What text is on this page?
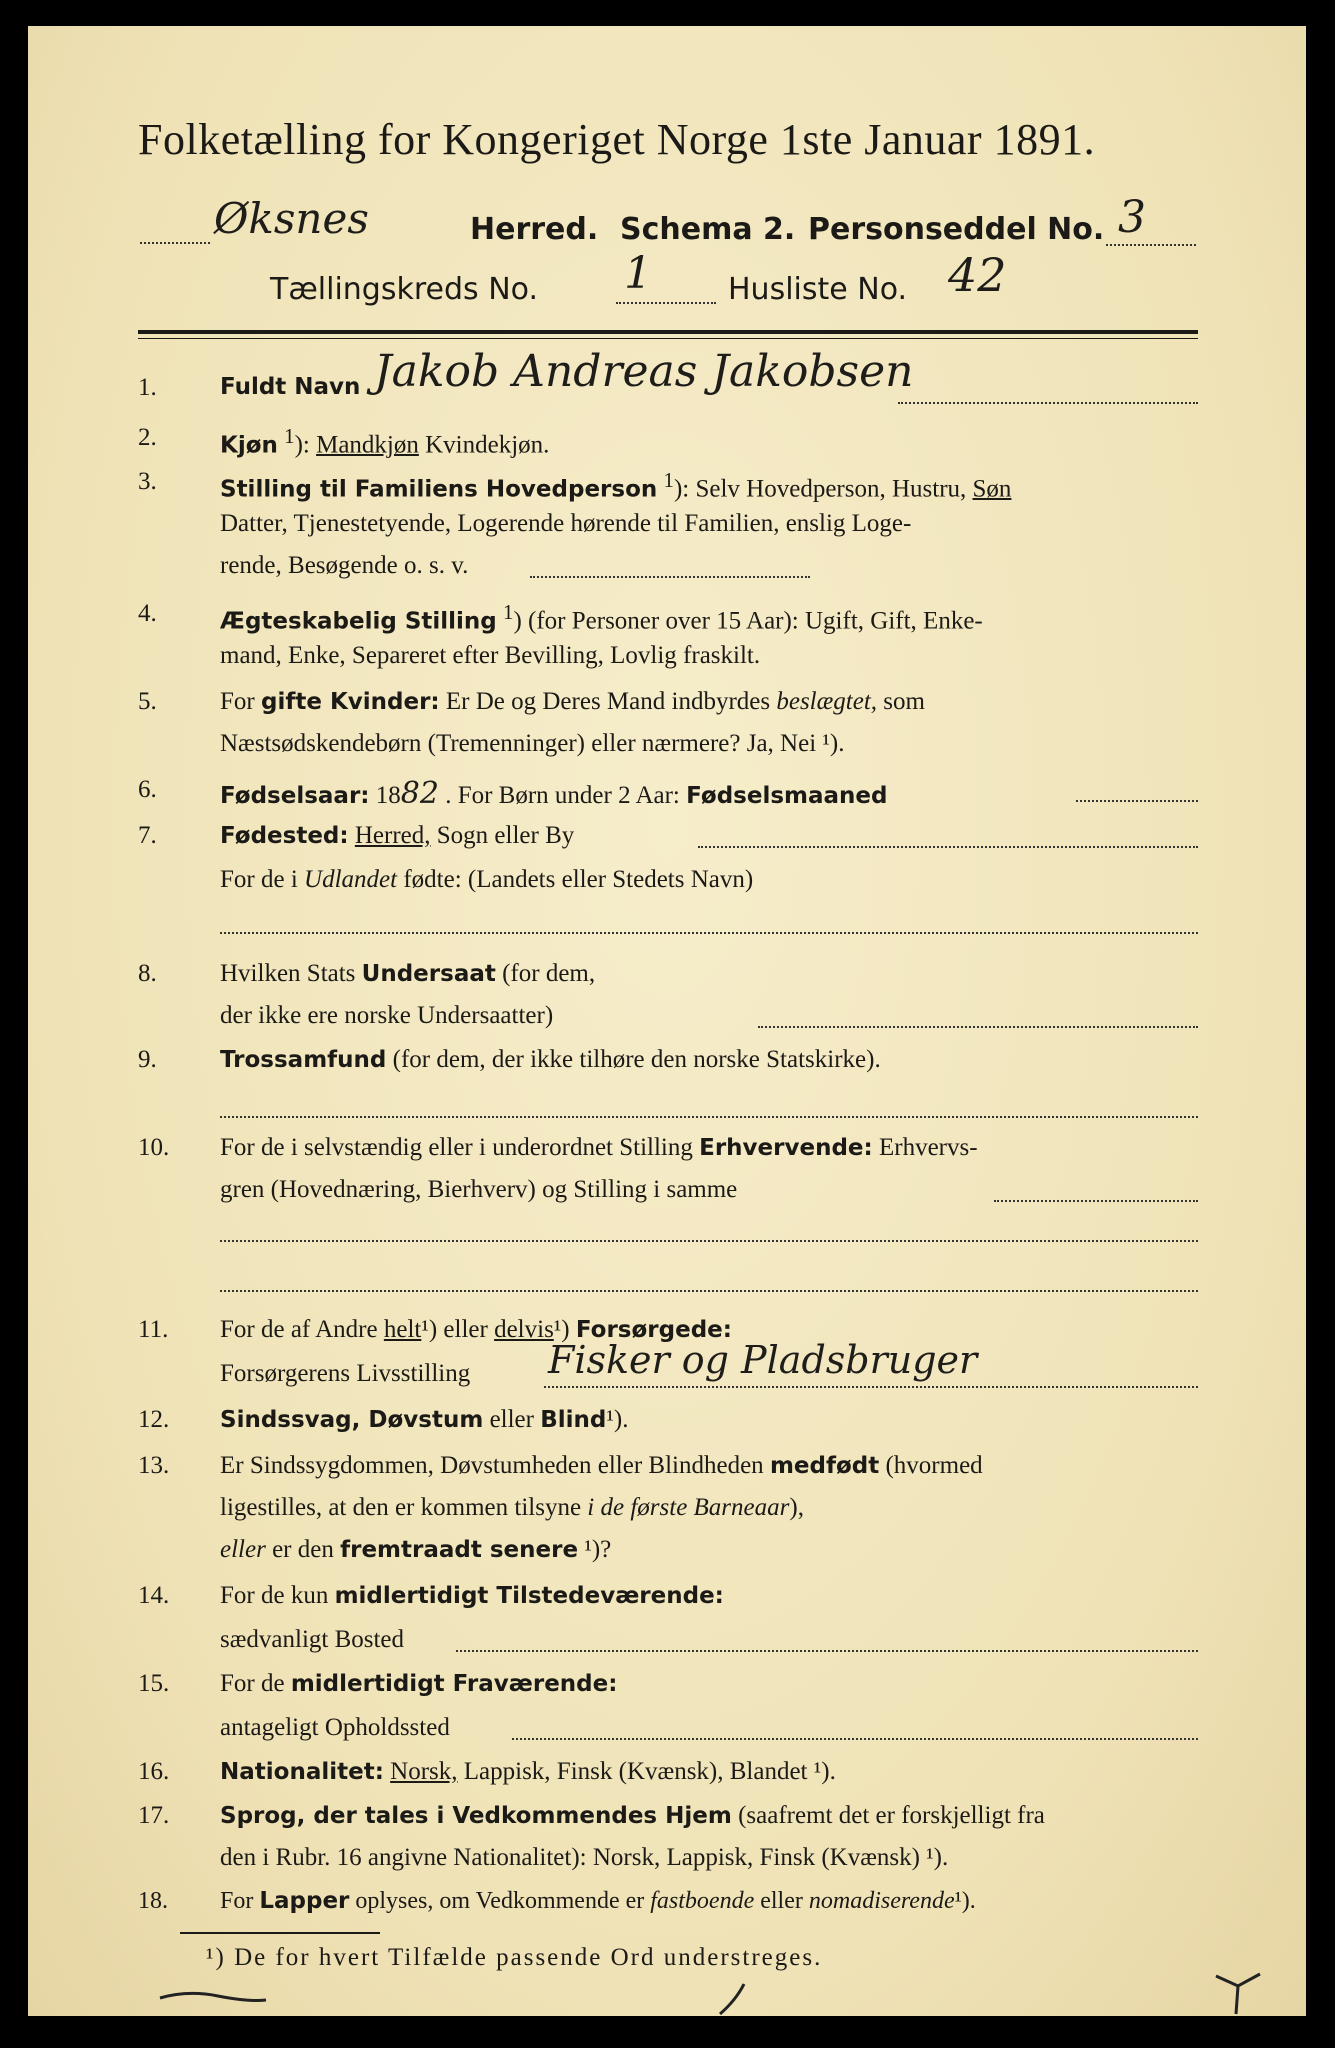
Folketælling for Kongeriget Norge 1ste Januar 1891.
Øksnes	Herred. Schema 2. Personseddel No. 3
Tællingskreds No. 1	Husliste No. 42
1.	Fuldt Navn Jakob Andreas Jakobsen
2.	Kjøn $^1$): Mandkjøn Kvindekjøn.
3.	Stilling til Familiens Hovedperson $^1$): Selv Hovedperson, Hustru, Søn
Datter, Tjenestetyende, Logerende hørende til Familien, enslig Loge-
rende, Besøgende o. s. v.
4.	Ægteskabelig Stilling $^1$) (for Personer over 15 Aar): Ugift, Gift, Enke-
mand, Enke, Separeret efter Bevilling, Lovlig fraskilt.
5.	For gifte Kvinder: Er De og Deres Mand indbyrdes beslægtet, som
Næstsødskendebørn (Tremenninger) eller nærmere? Ja, Nei ¹).
6.	Fødselsaar: 1882 . For Børn under 2 Aar: Fødselsmaaned
7.	Fødested: Herred, Sogn eller By
For de i Udlandet fødte: (Landets eller Stedets Navn)
8.	Hvilken Stats Undersaat (for dem,
der ikke ere norske Undersaatter)
9.	Trossamfund (for dem, der ikke tilhøre den norske Statskirke).
10.	For de i selvstændig eller i underordnet Stilling Erhvervende: Erhvervs-
gren (Hovednæring, Bierhverv) og Stilling i samme
11.	For de af Andre helt¹) eller delvis¹) Forsørgede:
Forsørgerens Livsstilling Fisker og Pladsbruger
12.	Sindssvag, Døvstum eller Blind¹).
13.	Er Sindssygdommen, Døvstumheden eller Blindheden medfødt (hvormed
ligestilles, at den er kommen tilsyne i de første Barneaar),
eller er den fremtraadt senere ¹)?
14.	For de kun midlertidigt Tilstedeværende:
sædvanligt Bosted
15.	For de midlertidigt Fraværende:
antageligt Opholdssted
16.	Nationalitet: Norsk, Lappisk, Finsk (Kvænsk), Blandet ¹).
17.	Sprog, der tales i Vedkommendes Hjem (saafremt det er forskjelligt fra
den i Rubr. 16 angivne Nationalitet): Norsk, Lappisk, Finsk (Kvænsk) ¹).
18.	For Lapper oplyses, om Vedkommende er fastboende eller nomadiserende¹).
¹) De for hvert Tilfælde passende Ord understreges.
